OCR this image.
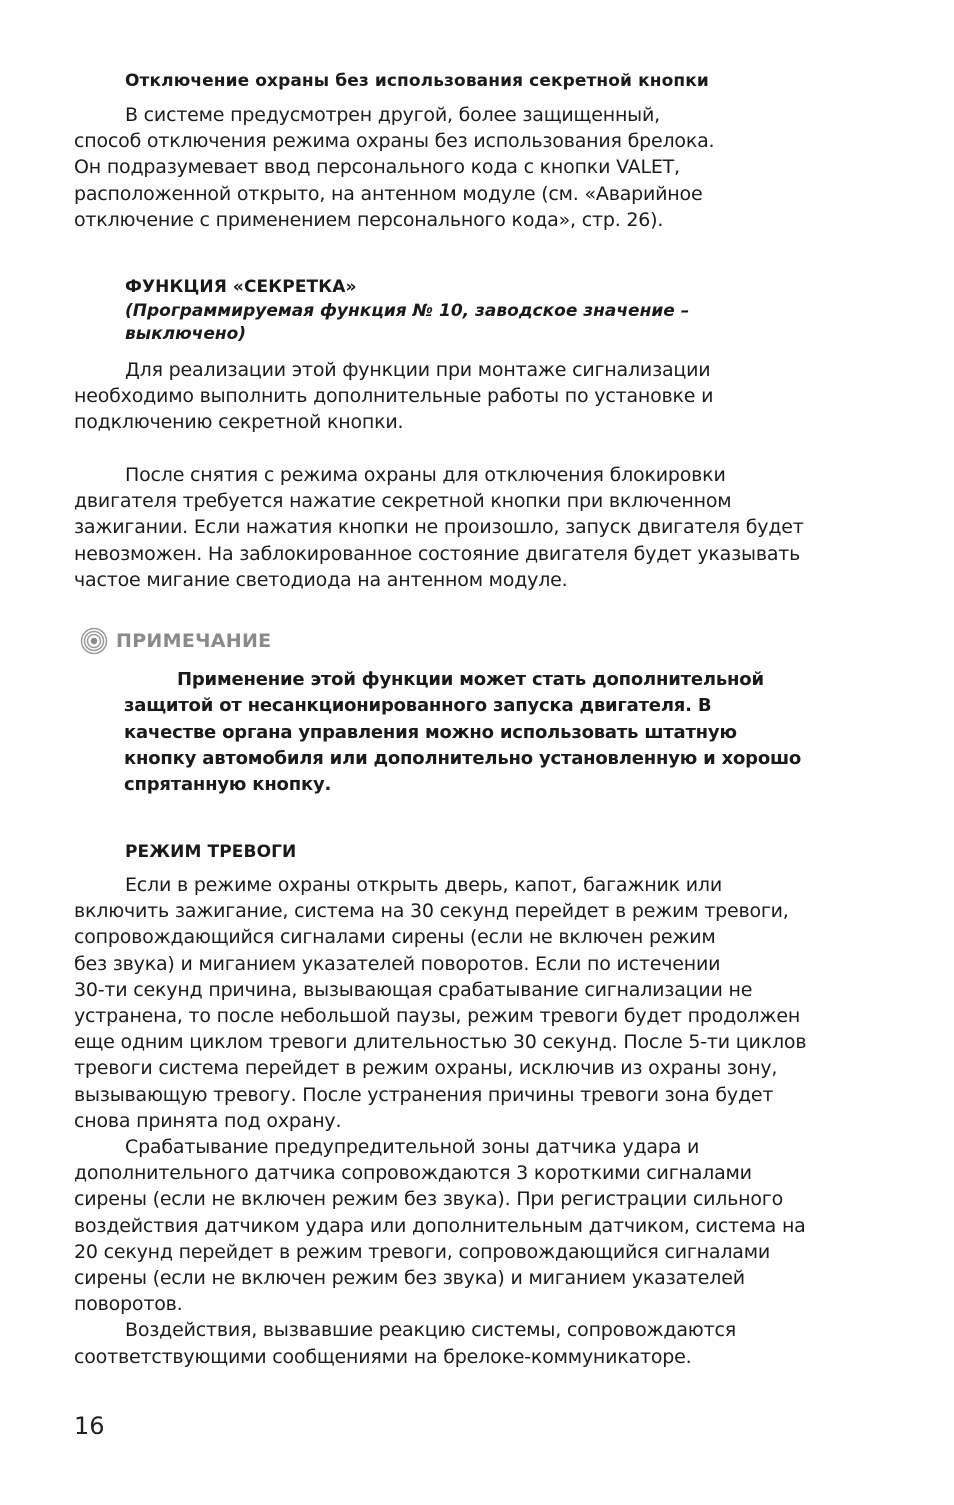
Отключение охраны без использования секретной кнопки
В системе предусмотрен другой, более защищенный,
способ отключения режима охраны без использования брелока.
Он подразумевает ввод персонального кода с кнопки VALET,
расположенной открыто, на антенном модуле (см. «Аварийное
отключение с применением персонального кода», стр. 26).
ФУНКЦИЯ «СЕКРЕТКА»
(Программируемая функция № 10, заводское значение –
выключено)
Для реализации этой функции при монтаже сигнализации
необходимо выполнить дополнительные работы по установке и
подключению секретной кнопки.
После снятия с режима охраны для отключения блокировки
двигателя требуется нажатие секретной кнопки при включенном
зажигании. Если нажатия кнопки не произошло, запуск двигателя будет
невозможен. На заблокированное состояние двигателя будет указывать
частое мигание светодиода на антенном модуле.
ПРИМЕЧАНИЕ
Применение этой функции может стать дополнительной
защитой от несанкционированного запуска двигателя. В
качестве органа управления можно использовать штатную
кнопку автомобиля или дополнительно установленную и хорошо
спрятанную кнопку.
РЕЖИМ ТРЕВОГИ
Если в режиме охраны открыть дверь, капот, багажник или
включить зажигание, система на 30 секунд перейдет в режим тревоги,
сопровождающийся сигналами сирены (если не включен режим
без звука) и миганием указателей поворотов. Если по истечении
30-ти секунд причина, вызывающая срабатывание сигнализации не
устранена, то после небольшой паузы, режим тревоги будет продолжен
еще одним циклом тревоги длительностью 30 секунд. После 5-ти циклов
тревоги система перейдет в режим охраны, исключив из охраны зону,
вызывающую тревогу. После устранения причины тревоги зона будет
снова принята под охрану.
Срабатывание предупредительной зоны датчика удара и
дополнительного датчика сопровождаются 3 короткими сигналами
сирены (если не включен режим без звука). При регистрации сильного
воздействия датчиком удара или дополнительным датчиком, система на
20 секунд перейдет в режим тревоги, сопровождающийся сигналами
сирены (если не включен режим без звука) и миганием указателей
поворотов.
Воздействия, вызвавшие реакцию системы, сопровождаются
соответствующими сообщениями на брелоке-коммуникаторе.
16
